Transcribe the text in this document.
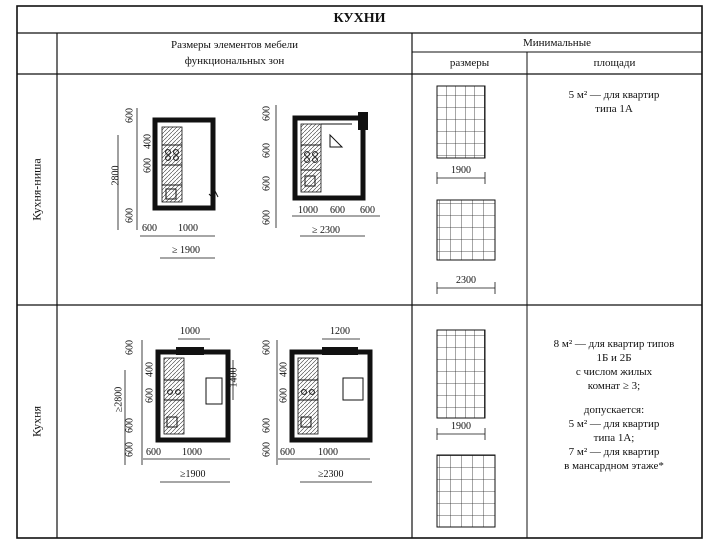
КУХНИ
Размеры элементов мебели
функциональных зон
Минимальные
размеры	площади
Кухня-ниша
Кухня
600
400
600
600
2800
600 1000
≥ 1900
600
600
600
600	1000 600 600
≥ 2300
1900
2300
5 м² — для квартир
типа 1А
1000
600
400
600
600
600
≥2800
1400
600 1000
≥1900
1200
600
400
600
600
600 600 1000
≥2300
1900
8 м² — для квартир типов
1Б и 2Б
с числом жилых
комнат ≥ 3;
допускается:
5 м² — для квартир
типа 1А;
7 м² — для квартир
в мансардном этаже*
